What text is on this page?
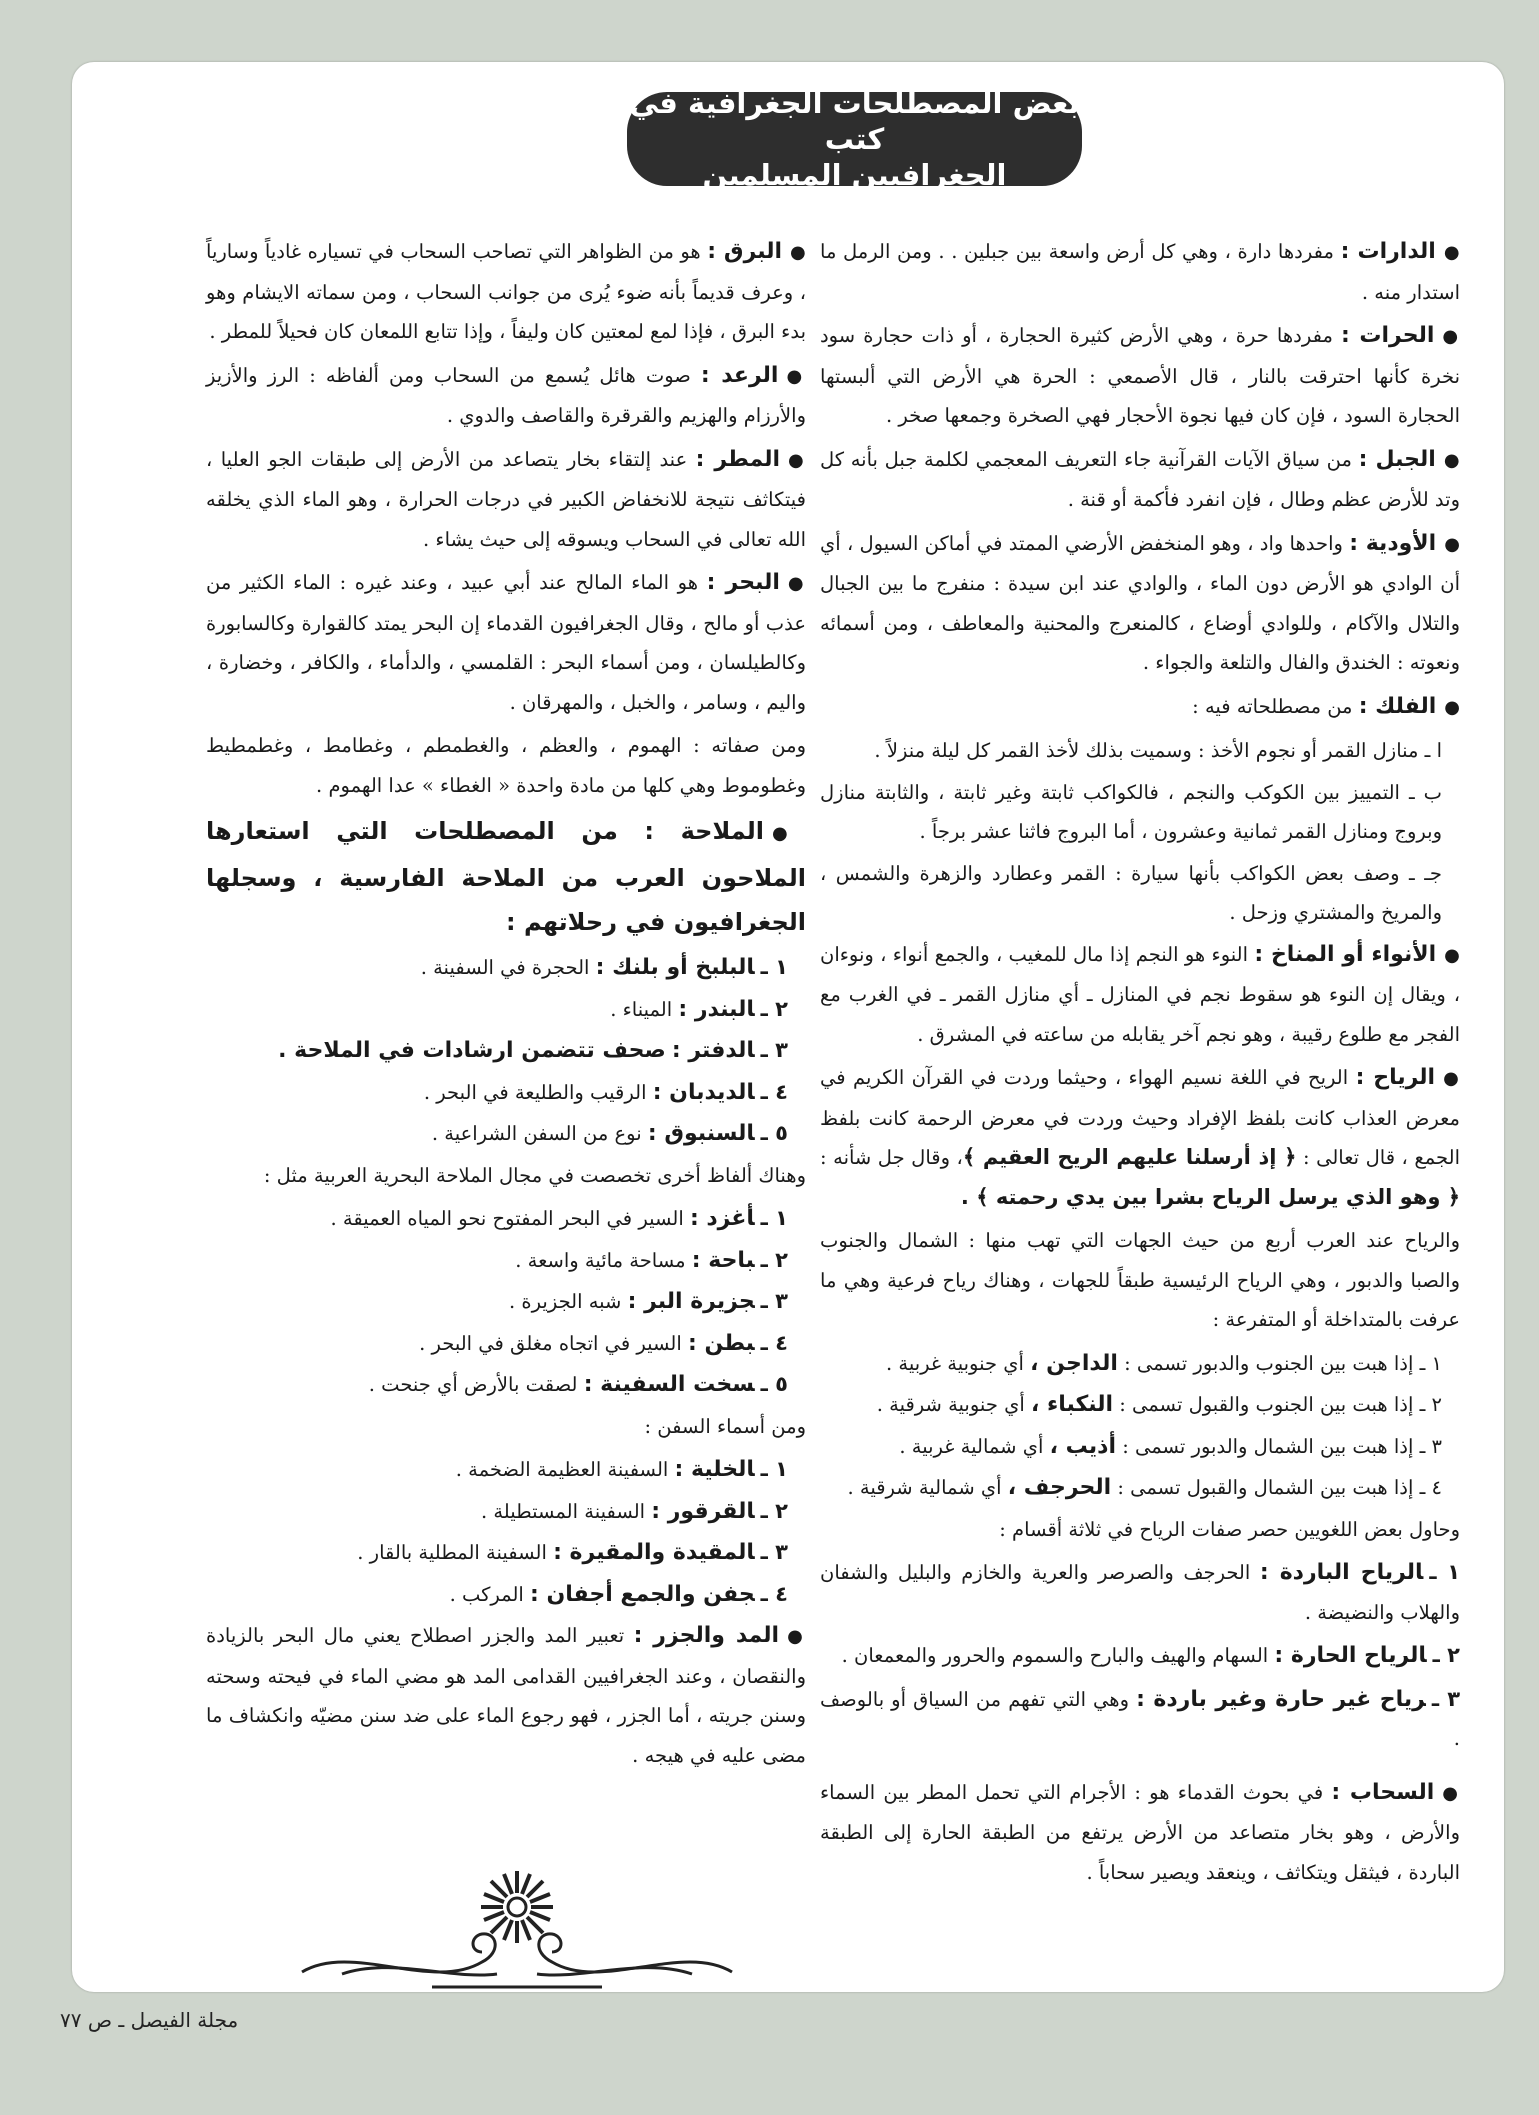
بعض المصطلحات الجغرافية في كتب
الجغرافيين المسلمين

●الدارات : مفردها دارة ، وهي كل أرض واسعة بين جبلين . . ومن الرمل ما استدار منه .

●الحرات : مفردها حرة ، وهي الأرض كثيرة الحجارة ، أو ذات حجارة سود نخرة كأنها احترقت بالنار ، قال الأصمعي : الحرة هي الأرض التي ألبستها الحجارة السود ، فإن كان فيها نجوة الأحجار فهي الصخرة وجمعها صخر .

●الجبل : من سياق الآيات القرآنية جاء التعريف المعجمي لكلمة جبل بأنه كل وتد للأرض عظم وطال ، فإن انفرد فأكمة أو قنة .

●الأودية : واحدها واد ، وهو المنخفض الأرضي الممتد في أماكن السيول ، أي أن الوادي هو الأرض دون الماء ، والوادي عند ابن سيدة : منفرج ما بين الجبال والتلال والآكام ، وللوادي أوضاع ، كالمنعرج والمحنية والمعاطف ، ومن أسمائه ونعوته : الخندق والفال والتلعة والجواء .

●الفلك : من مصطلحاته فيه :

ا ـ منازل القمر أو نجوم الأخذ : وسميت بذلك لأخذ القمر كل ليلة منزلاً .

ب ـ التمييز بين الكوكب والنجم ، فالكواكب ثابتة وغير ثابتة ، والثابتة منازل وبروج ومنازل القمر ثمانية وعشرون ، أما البروج فاثنا عشر برجاً .

جـ ـ وصف بعض الكواكب بأنها سيارة : القمر وعطارد والزهرة والشمس ، والمريخ والمشتري وزحل .

●الأنواء أو المناخ : النوء هو النجم إذا مال للمغيب ، والجمع أنواء ، ونوءان ، ويقال إن النوء هو سقوط نجم في المنازل ـ أي منازل القمر ـ في الغرب مع الفجر مع طلوع رقيبة ، وهو نجم آخر يقابله من ساعته في المشرق .

●الرياح : الريح في اللغة نسيم الهواء ، وحيثما وردت في القرآن الكريم في معرض العذاب كانت بلفظ الإفراد وحيث وردت في معرض الرحمة كانت بلفظ الجمع ، قال تعالى : ﴿ إذ أرسلنا عليهم الريح العقيم ﴾، وقال جل شأنه : ﴿ وهو الذي يرسل الرياح بشرا بين يدي رحمته ﴾ .

والرياح عند العرب أربع من حيث الجهات التي تهب منها : الشمال والجنوب والصبا والدبور ، وهي الرياح الرئيسية طبقاً للجهات ، وهناك رياح فرعية وهي ما عرفت بالمتداخلة أو المتفرعة :

١ ـ إذا هبت بين الجنوب والدبور تسمى : الداجن ، أي جنوبية غربية .

٢ ـ إذا هبت بين الجنوب والقبول تسمى : النكباء ، أي جنوبية شرقية .

٣ ـ إذا هبت بين الشمال والدبور تسمى : أذيب ، أي شمالية غربية .

٤ ـ إذا هبت بين الشمال والقبول تسمى : الحرجف ، أي شمالية شرقية .

وحاول بعض اللغويين حصر صفات الرياح في ثلاثة أقسام :

١ ـالرياح الباردة : الحرجف والصرصر والعرية والخازم والبليل والشفان والهلاب والنضيضة .

٢ ـالرياح الحارة : السهام والهيف والبارح والسموم والحرور والمعمعان .

٣ ـرياح غير حارة وغير باردة : وهي التي تفهم من السياق أو بالوصف .

●السحاب : في بحوث القدماء هو : الأجرام التي تحمل المطر بين السماء والأرض ، وهو بخار متصاعد من الأرض يرتفع من الطبقة الحارة إلى الطبقة الباردة ، فيثقل ويتكاثف ، وينعقد ويصير سحاباً .

●البرق : هو من الظواهر التي تصاحب السحاب في تسياره غادياً وسارياً ، وعرف قديماً بأنه ضوء يُرى من جوانب السحاب ، ومن سماته الايشام وهو بدء البرق ، فإذا لمع لمعتين كان وليفاً ، وإذا تتابع اللمعان كان فحيلاً للمطر .

●الرعد : صوت هائل يُسمع من السحاب ومن ألفاظه : الرز والأزيز والأرزام والهزيم والقرقرة والقاصف والدوي .

●المطر : عند إلتقاء بخار يتصاعد من الأرض إلى طبقات الجو العليا ، فيتكاثف نتيجة للانخفاض الكبير في درجات الحرارة ، وهو الماء الذي يخلقه الله تعالى في السحاب ويسوقه إلى حيث يشاء .

●البحر : هو الماء المالح عند أبي عبيد ، وعند غيره : الماء الكثير من عذب أو مالح ، وقال الجغرافيون القدماء إن البحر يمتد كالقوارة وكالسابورة وكالطيلسان ، ومن أسماء البحر : القلمسي ، والدأماء ، والكافر ، وخضارة ، واليم ، وسامر ، والخبل ، والمهرقان .

ومن صفاته : الهموم ، والعظم ، والغطمطم ، وغطامط ، وغطمطيط وغطوموط وهي كلها من مادة واحدة « الغطاء » عدا الهموم .

●الملاحة : من المصطلحات التي استعارها الملاحون العرب من الملاحة الفارسية ، وسجلها الجغرافيون في رحلاتهم :

١ ـالبلبخ أو بلنك : الحجرة في السفينة .

٢ ـالبندر : الميناء .

٣ ـالدفتر : صحف تتضمن ارشادات في الملاحة .

٤ ـالديدبان : الرقيب والطليعة في البحر .

٥ ـالسنبوق : نوع من السفن الشراعية .

وهناك ألفاظ أخرى تخصصت في مجال الملاحة البحرية العربية مثل :

١ ـأغزد : السير في البحر المفتوح نحو المياه العميقة .

٢ ـباحة : مساحة مائية واسعة .

٣ ـجزيرة البر : شبه الجزيرة .

٤ ـبطن : السير في اتجاه مغلق في البحر .

٥ ـسخت السفينة : لصقت بالأرض أي جنحت .

ومن أسماء السفن :

١ ـالخلية : السفينة العظيمة الضخمة .

٢ ـالقرقور : السفينة المستطيلة .

٣ ـالمقيدة والمقيرة : السفينة المطلية بالقار .

٤ ـجفن والجمع أجفان : المركب .

●المد والجزر : تعبير المد والجزر اصطلاح يعني مال البحر بالزيادة والنقصان ، وعند الجغرافيين القدامى المد هو مضي الماء في فيحته وسحته وسنن جريته ، أما الجزر ، فهو رجوع الماء على ضد سنن مضيّه وانكشاف ما مضى عليه في هيجه .

مجلة الفيصل ـ ص ٧٧
